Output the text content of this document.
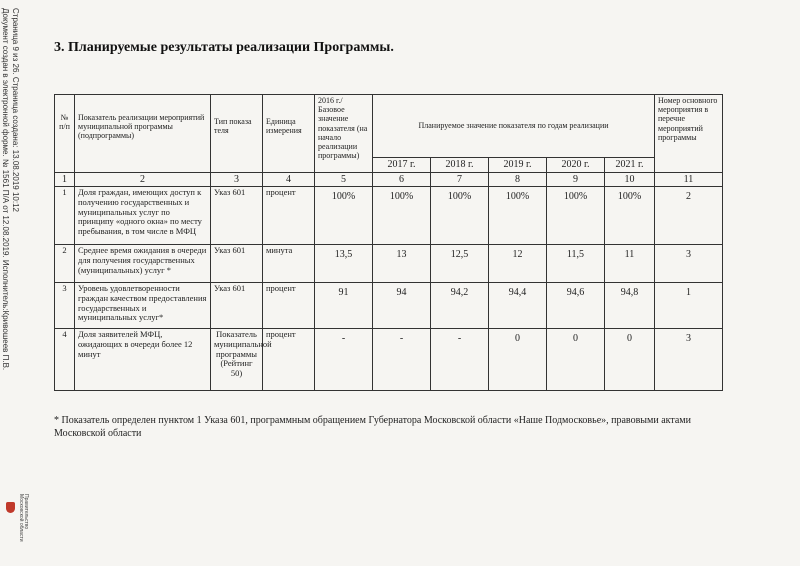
Документ создан в электронной форме. № 1561 П/А от 12.08.2019. Исполнитель:Кривошеев П.В. Страница 9 из 26. Страница создана: 13.08.2019 10:12
Правительство
Московской области
3. Планируемые результаты реализации Программы.
№ п/п	Показатель реализации мероприятий муниципальной программы (подпрограммы)	Тип показа теля	Единица измерения	2016 г./Базовое значение показателя (на начало реализации программы)	Планируемое значение показателя по годам реализации					Номер основного мероприятия в перечне мероприятий программы
					2017 г.	2018 г.	2019 г.	2020 г.	2021 г.	
1	2	3	4	5	6	7	8	9	10	11
1	Доля граждан, имеющих доступ к получению государственных и муниципальных услуг по принципу «одного окна» по месту пребывания, в том числе в МФЦ	Указ 601	процент	100%	100%	100%	100%	100%	100%	2
2	Среднее время ожидания в очереди для получения государственных (муниципальных) услуг *	Указ 601	минута	13,5	13	12,5	12	11,5	11	3
3	Уровень удовлетворенности граждан качеством предоставления государственных и муниципальных услуг*	Указ 601	процент	91	94	94,2	94,4	94,6	94,8	1
4	Доля заявителей МФЦ, ожидающих в очереди более 12 минут	Показатель муниципальной программы (Рейтинг 50)	процент	-	-	-	0	0	0	3

* Показатель определен пунктом 1 Указа 601, программным обращением Губернатора Московской области «Наше Подмосковье», правовыми актами Московской области
